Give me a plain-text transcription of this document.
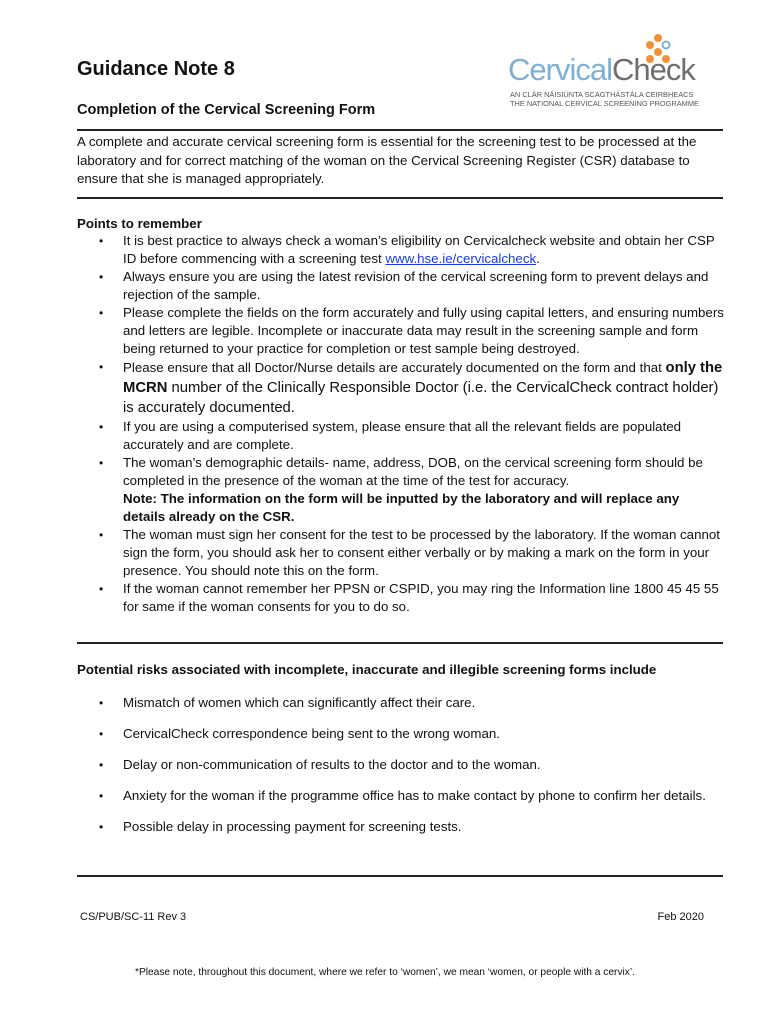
Guidance Note 8
Completion of the Cervical Screening Form
CervicalCheck
AN CLÁR NÁISIÚNTA SCAGTHÁSTÁLA CEIRBHEACS
THE NATIONAL CERVICAL SCREENING PROGRAMME
A complete and accurate cervical screening form is essential for the screening test to be processed at the laboratory and for correct matching of the woman on the Cervical Screening Register (CSR) database to ensure that she is managed appropriately.
Points to remember
• It is best practice to always check a woman’s eligibility on Cervicalcheck website and obtain her CSP ID before commencing with a screening test www.hse.ie/cervicalcheck.
• Always ensure you are using the latest revision of the cervical screening form to prevent delays and rejection of the sample.
• Please complete the fields on the form accurately and fully using capital letters, and ensuring numbers and letters are legible. Incomplete or inaccurate data may result in the screening sample and form being returned to your practice for completion or test sample being destroyed.
• Please ensure that all Doctor/Nurse details are accurately documented on the form and that only the MCRN number of the Clinically Responsible Doctor (i.e. the CervicalCheck contract holder) is accurately documented.
• If you are using a computerised system, please ensure that all the relevant fields are populated accurately and are complete.
• The woman’s demographic details- name, address, DOB, on the cervical screening form should be completed in the presence of the woman at the time of the test for accuracy.
Note: The information on the form will be inputted by the laboratory and will replace any details already on the CSR.
• The woman must sign her consent for the test to be processed by the laboratory. If the woman cannot sign the form, you should ask her to consent either verbally or by making a mark on the form in your presence. You should note this on the form.
• If the woman cannot remember her PPSN or CSPID, you may ring the Information line 1800 45 45 55 for same if the woman consents for you to do so.
Potential risks associated with incomplete, inaccurate and illegible screening forms include
• Mismatch of women which can significantly affect their care.
• CervicalCheck correspondence being sent to the wrong woman.
• Delay or non-communication of results to the doctor and to the woman.
• Anxiety for the woman if the programme office has to make contact by phone to confirm her details.
• Possible delay in processing payment for screening tests.
CS/PUB/SC-11 Rev 3	Feb 2020
*Please note, throughout this document, where we refer to ‘women’, we mean ‘women, or people with a cervix’.
